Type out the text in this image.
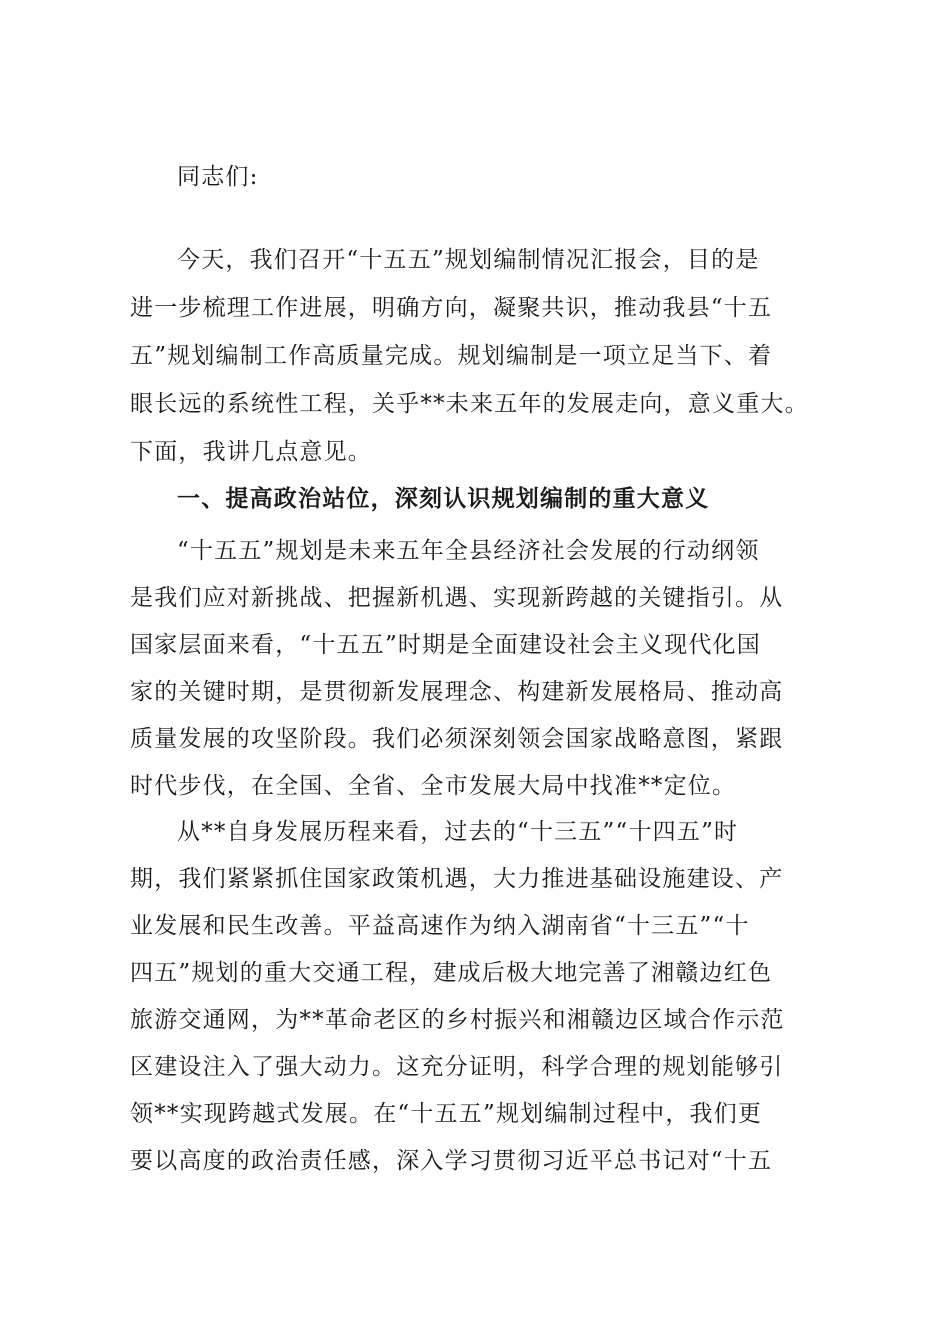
同志们:
今天，我们召开“十五五”规划编制情况汇报会，目的是
进一步梳理工作进展，明确方向，凝聚共识，推动我县“十五
五”规划编制工作高质量完成。规划编制是一项立足当下、着
眼长远的系统性工程，关乎**未来五年的发展走向，意义重大。
下面，我讲几点意见。
一、提高政治站位，深刻认识规划编制的重大意义
“十五五”规划是未来五年全县经济社会发展的行动纲领
是我们应对新挑战、把握新机遇、实现新跨越的关键指引。从
国家层面来看，“十五五”时期是全面建设社会主义现代化国
家的关键时期，是贯彻新发展理念、构建新发展格局、推动高
质量发展的攻坚阶段。我们必须深刻领会国家战略意图，紧跟
时代步伐，在全国、全省、全市发展大局中找准**定位。
从**自身发展历程来看，过去的“十三五”“十四五”时
期，我们紧紧抓住国家政策机遇，大力推进基础设施建设、产
业发展和民生改善。平益高速作为纳入湖南省“十三五”“十
四五”规划的重大交通工程，建成后极大地完善了湘赣边红色
旅游交通网，为**革命老区的乡村振兴和湘赣边区域合作示范
区建设注入了强大动力。这充分证明，科学合理的规划能够引
领**实现跨越式发展。在“十五五”规划编制过程中，我们更
要以高度的政治责任感，深入学习贯彻习近平总书记对“十五
